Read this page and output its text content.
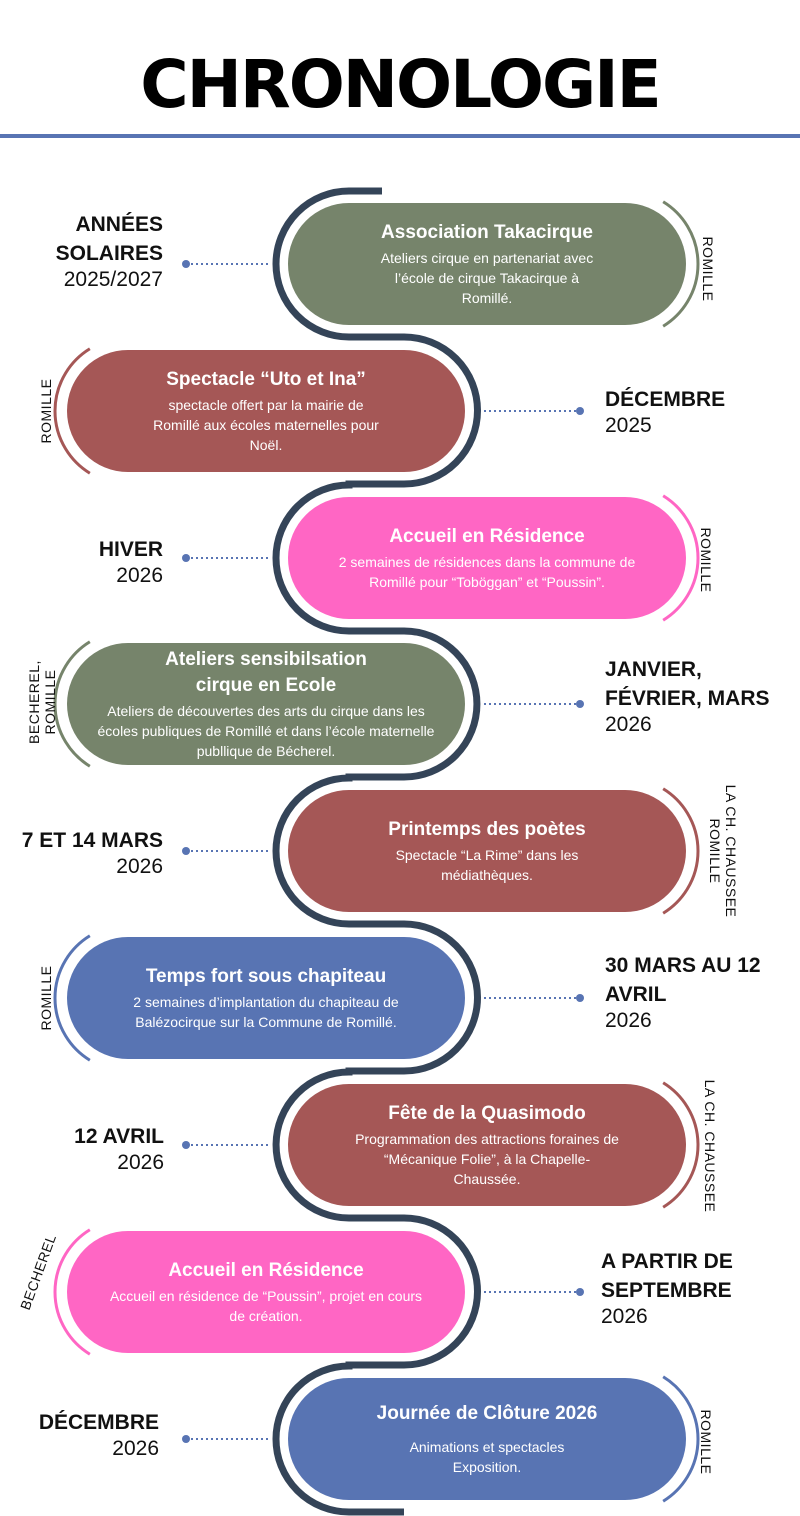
CHRONOLOGIE
Association Takacirque
Ateliers cirque en partenariat avec l’école de cirque Takacirque à Romillé.
ANNÉES SOLAIRES
2025/2027	ROMILLE
Spectacle “Uto et Ina”
spectacle offert par la mairie de Romillé aux écoles maternelles pour Noël.
DÉCEMBRE
2025
ROMILLE
Accueil en Résidence
2 semaines de résidences dans la commune de Romillé pour “Toböggan” et “Poussin”.
HIVER
2026	ROMILLE
Ateliers sensibilsation cirque en Ecole
Ateliers de découvertes des arts du cirque dans les écoles publiques de Romillé et dans l’école maternelle publlique de Bécherel.
JANVIER, FÉVRIER, MARS
2026
BECHEREL, ROMILLE
Printemps des poètes
Spectacle “La Rime” dans les médiathèques.
7 ET 14 MARS
2026	LA CH. CHAUSSEE ROMILLE
Temps fort sous chapiteau
2 semaines d’implantation du chapiteau de Balézocirque sur la Commune de Romillé.
30 MARS AU 12 AVRIL
2026
ROMILLE
Fête de la Quasimodo
Programmation des attractions foraines de “Mécanique Folie”, à la Chapelle-Chaussée.
12 AVRIL
2026	LA CH. CHAUSSEE
Accueil en Résidence
Accueil en résidence de “Poussin”, projet en cours de création.
A PARTIR DE SEPTEMBRE
2026
BECHEREL
Journée de Clôture 2026
Animations et spectacles Exposition.
DÉCEMBRE
2026	ROMILLE
